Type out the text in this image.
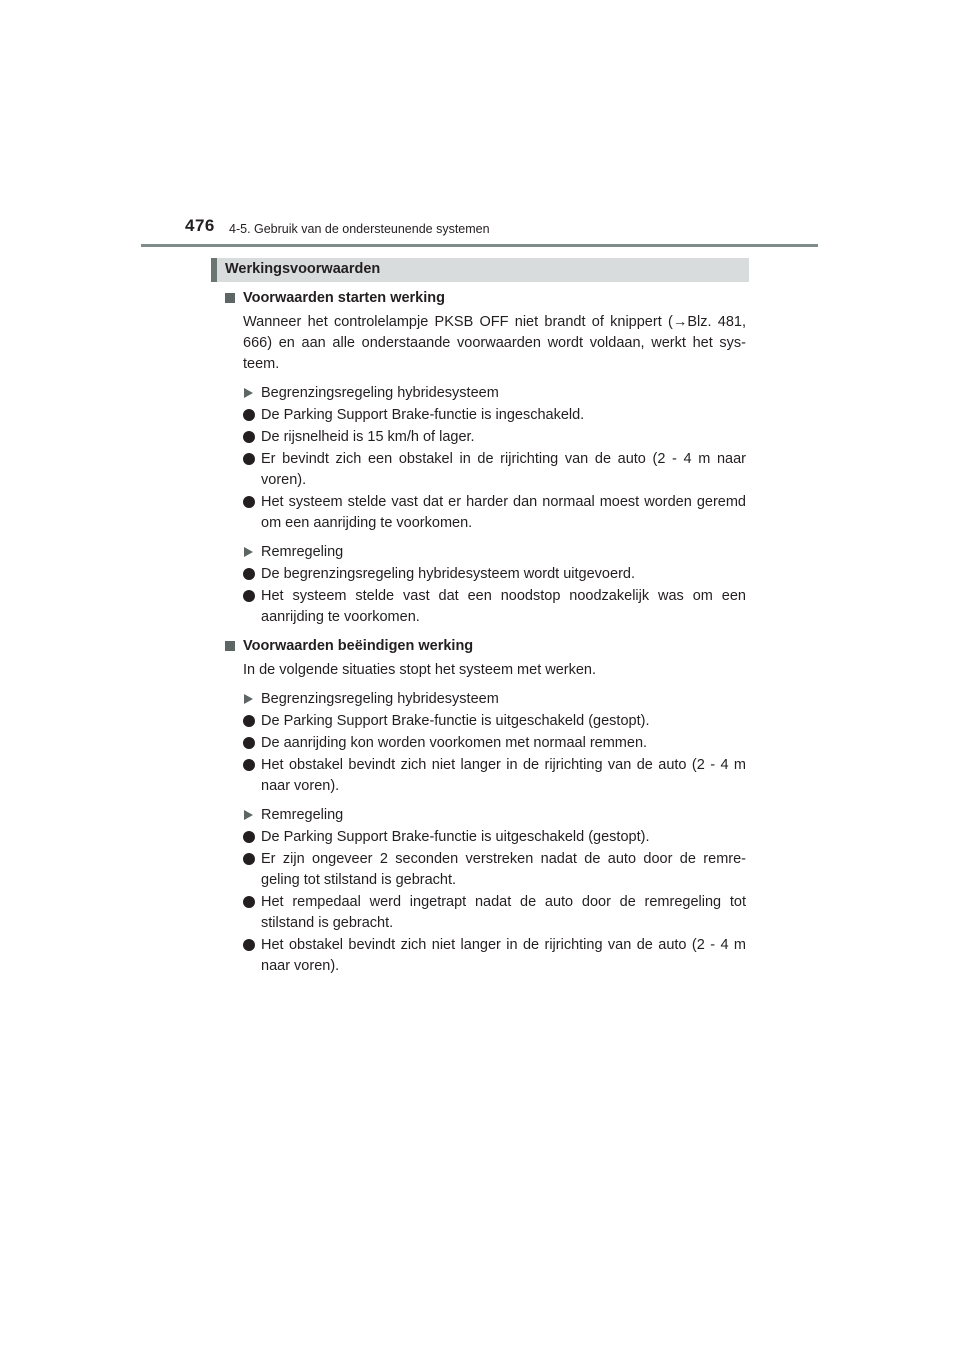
476 4-5. Gebruik van de ondersteunende systemen
Werkingsvoorwaarden
Voorwaarden starten werking
Wanneer het controlelampje PKSB OFF niet brandt of knippert (→Blz. 481, 666) en aan alle onderstaande voorwaarden wordt voldaan, werkt het sys-teem.
Begrenzingsregeling hybridesysteem
De Parking Support Brake-functie is ingeschakeld.
De rijsnelheid is 15 km/h of lager.
Er bevindt zich een obstakel in de rijrichting van de auto (2 - 4 m naar voren).
Het systeem stelde vast dat er harder dan normaal moest worden geremd om een aanrijding te voorkomen.
Remregeling
De begrenzingsregeling hybridesysteem wordt uitgevoerd.
Het systeem stelde vast dat een noodstop noodzakelijk was om een aanrijding te voorkomen.
Voorwaarden beëindigen werking
In de volgende situaties stopt het systeem met werken.
Begrenzingsregeling hybridesysteem
De Parking Support Brake-functie is uitgeschakeld (gestopt).
De aanrijding kon worden voorkomen met normaal remmen.
Het obstakel bevindt zich niet langer in de rijrichting van de auto (2 - 4 m naar voren).
Remregeling
De Parking Support Brake-functie is uitgeschakeld (gestopt).
Er zijn ongeveer 2 seconden verstreken nadat de auto door de remre-geling tot stilstand is gebracht.
Het rempedaal werd ingetrapt nadat de auto door de remregeling tot stilstand is gebracht.
Het obstakel bevindt zich niet langer in de rijrichting van de auto (2 - 4 m naar voren).
